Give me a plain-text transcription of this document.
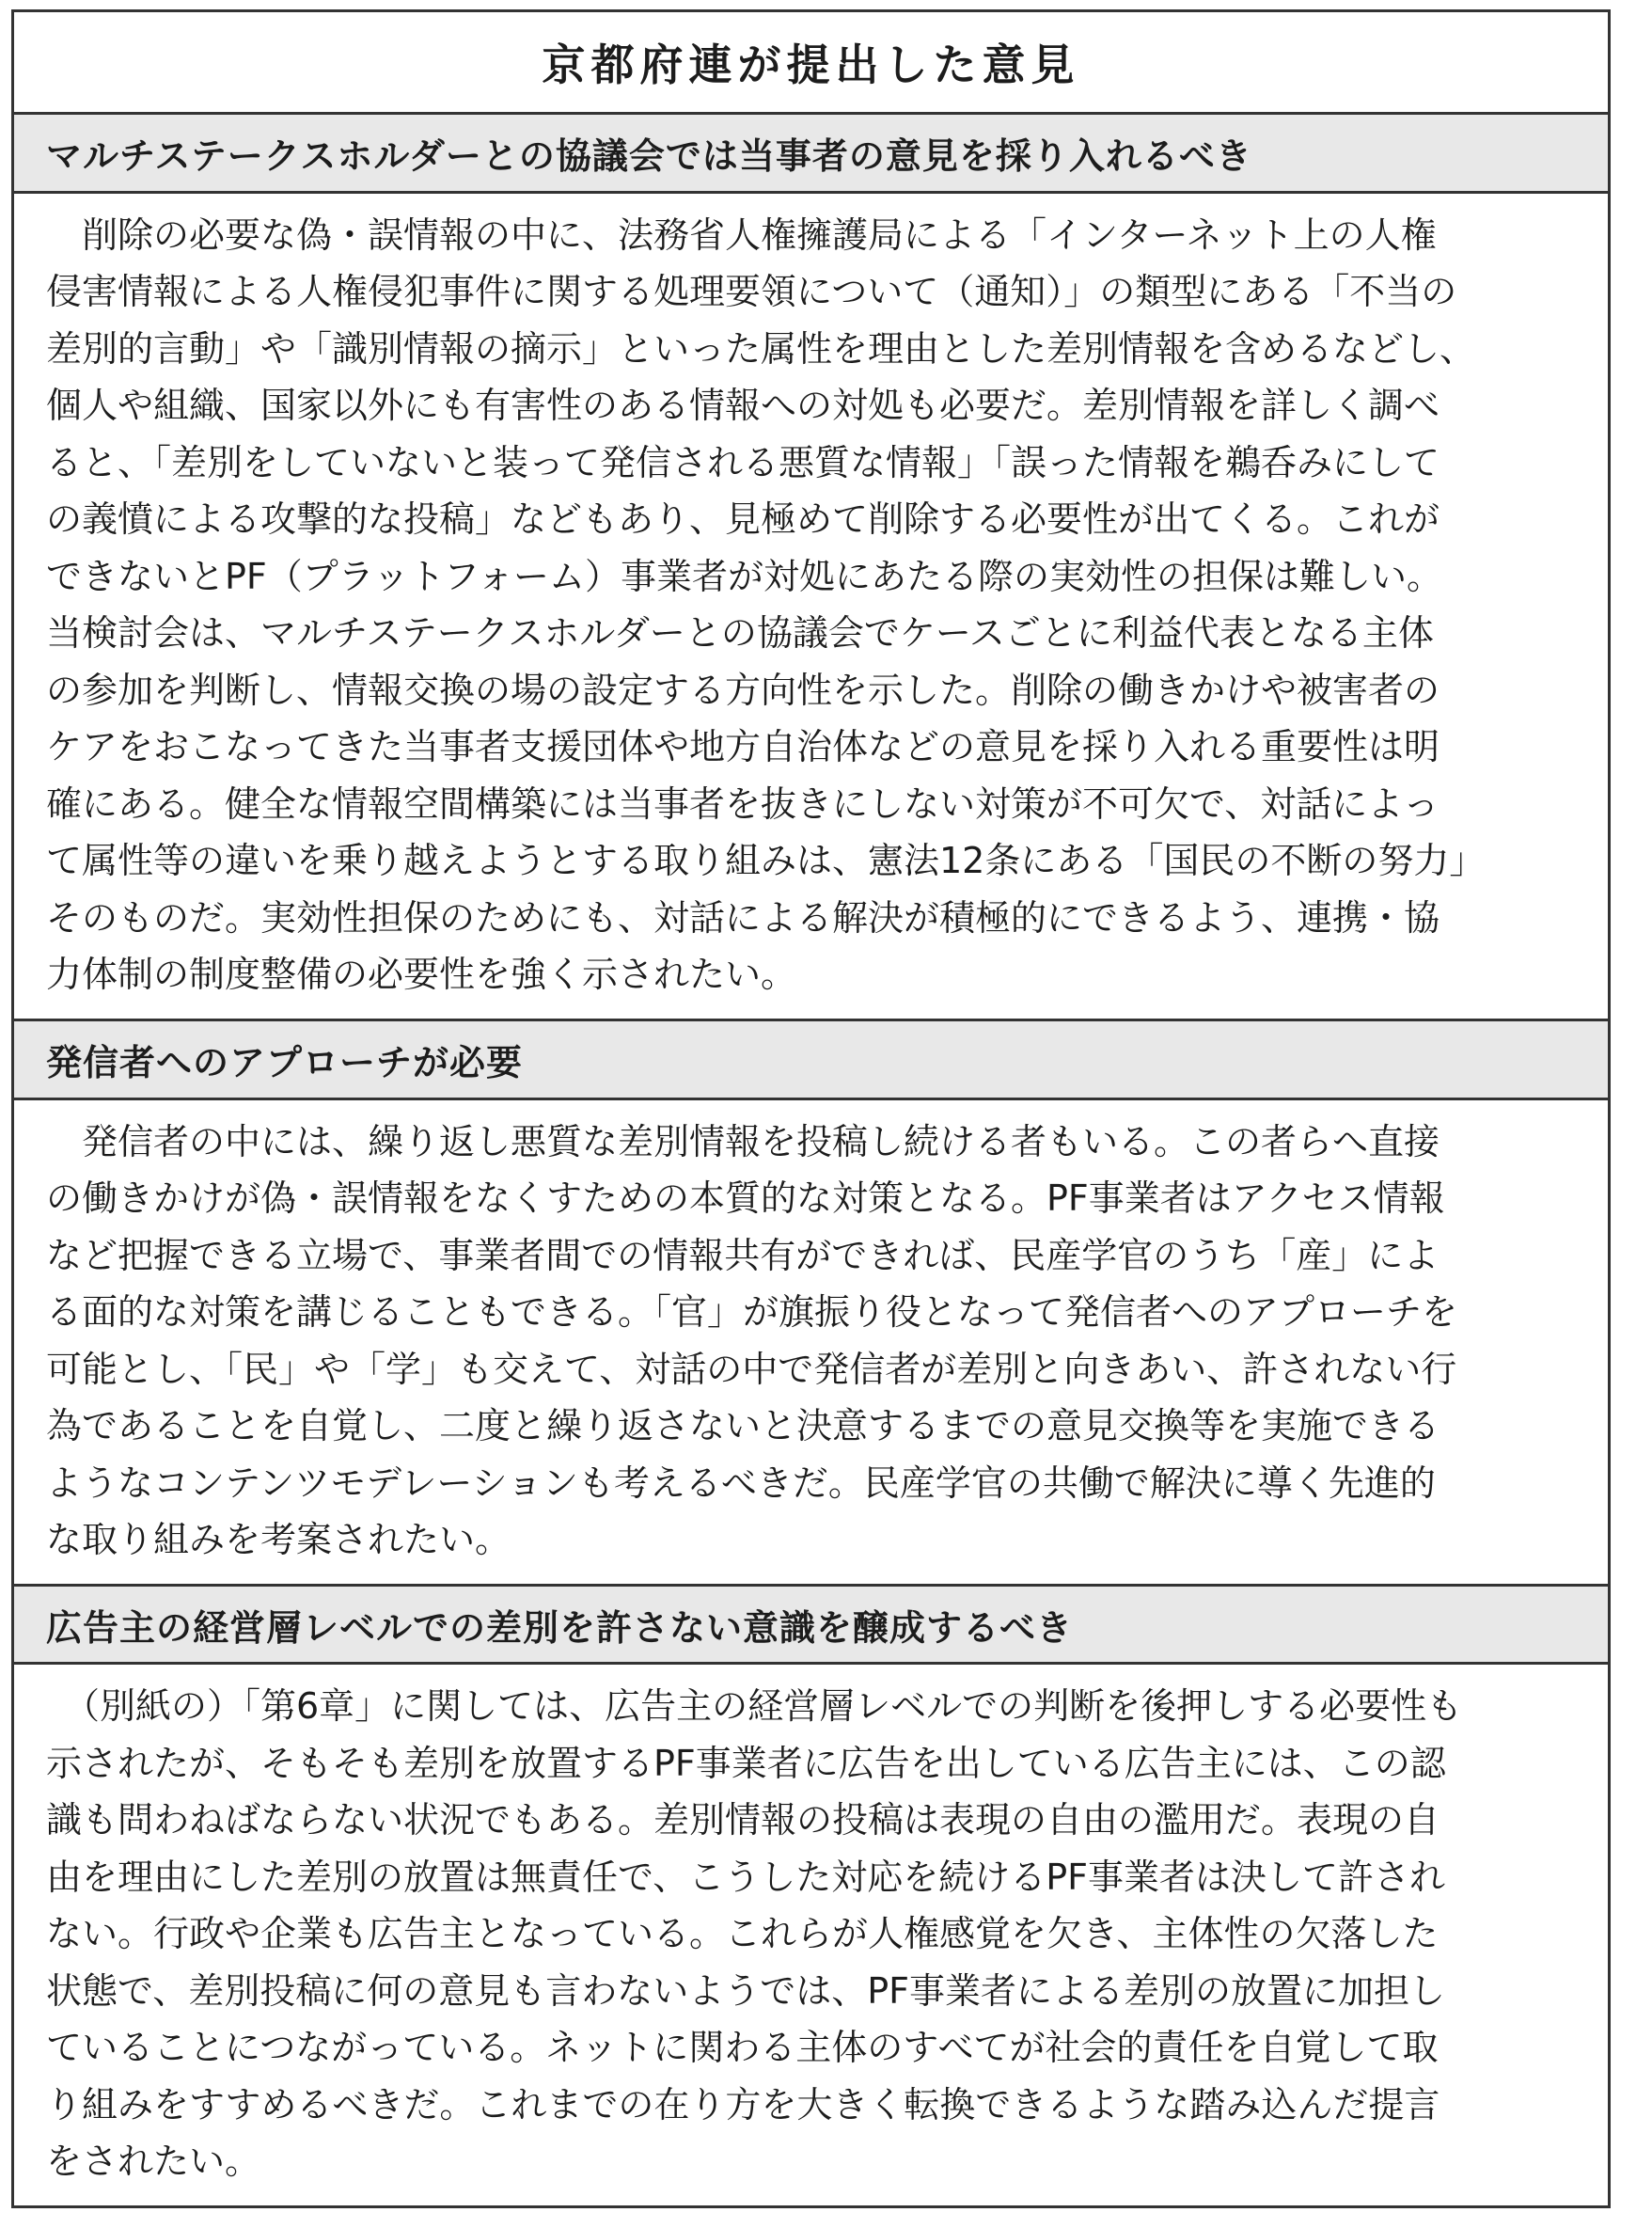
京都府連が提出した意見
マルチステークスホルダーとの協議会では当事者の意見を採り入れるべき
　削除の必要な偽・誤情報の中に、法務省人権擁護局による「インターネット上の人権
侵害情報による人権侵犯事件に関する処理要領について（通知）」の類型にある「不当の
差別的言動」や「識別情報の摘示」といった属性を理由とした差別情報を含めるなどし、
個人や組織、国家以外にも有害性のある情報への対処も必要だ。差別情報を詳しく調べ
ると、「差別をしていないと装って発信される悪質な情報」「誤った情報を鵜呑みにして
の義憤による攻撃的な投稿」などもあり、見極めて削除する必要性が出てくる。これが
できないとPF（プラットフォーム）事業者が対処にあたる際の実効性の担保は難しい。
当検討会は、マルチステークスホルダーとの協議会でケースごとに利益代表となる主体
の参加を判断し、情報交換の場の設定する方向性を示した。削除の働きかけや被害者の
ケアをおこなってきた当事者支援団体や地方自治体などの意見を採り入れる重要性は明
確にある。健全な情報空間構築には当事者を抜きにしない対策が不可欠で、対話によっ
て属性等の違いを乗り越えようとする取り組みは、憲法12条にある「国民の不断の努力」
そのものだ。実効性担保のためにも、対話による解決が積極的にできるよう、連携・協
力体制の制度整備の必要性を強く示されたい。
発信者へのアプローチが必要
　発信者の中には、繰り返し悪質な差別情報を投稿し続ける者もいる。この者らへ直接
の働きかけが偽・誤情報をなくすための本質的な対策となる。PF事業者はアクセス情報
など把握できる立場で、事業者間での情報共有ができれば、民産学官のうち「産」によ
る面的な対策を講じることもできる。「官」が旗振り役となって発信者へのアプローチを
可能とし、「民」や「学」も交えて、対話の中で発信者が差別と向きあい、許されない行
為であることを自覚し、二度と繰り返さないと決意するまでの意見交換等を実施できる
ようなコンテンツモデレーションも考えるべきだ。民産学官の共働で解決に導く先進的
な取り組みを考案されたい。
広告主の経営層レベルでの差別を許さない意識を醸成するべき
　（別紙の）「第6章」に関しては、広告主の経営層レベルでの判断を後押しする必要性も
示されたが、そもそも差別を放置するPF事業者に広告を出している広告主には、この認
識も問わねばならない状況でもある。差別情報の投稿は表現の自由の濫用だ。表現の自
由を理由にした差別の放置は無責任で、こうした対応を続けるPF事業者は決して許され
ない。行政や企業も広告主となっている。これらが人権感覚を欠き、主体性の欠落した
状態で、差別投稿に何の意見も言わないようでは、PF事業者による差別の放置に加担し
ていることにつながっている。ネットに関わる主体のすべてが社会的責任を自覚して取
り組みをすすめるべきだ。これまでの在り方を大きく転換できるような踏み込んだ提言
をされたい。
